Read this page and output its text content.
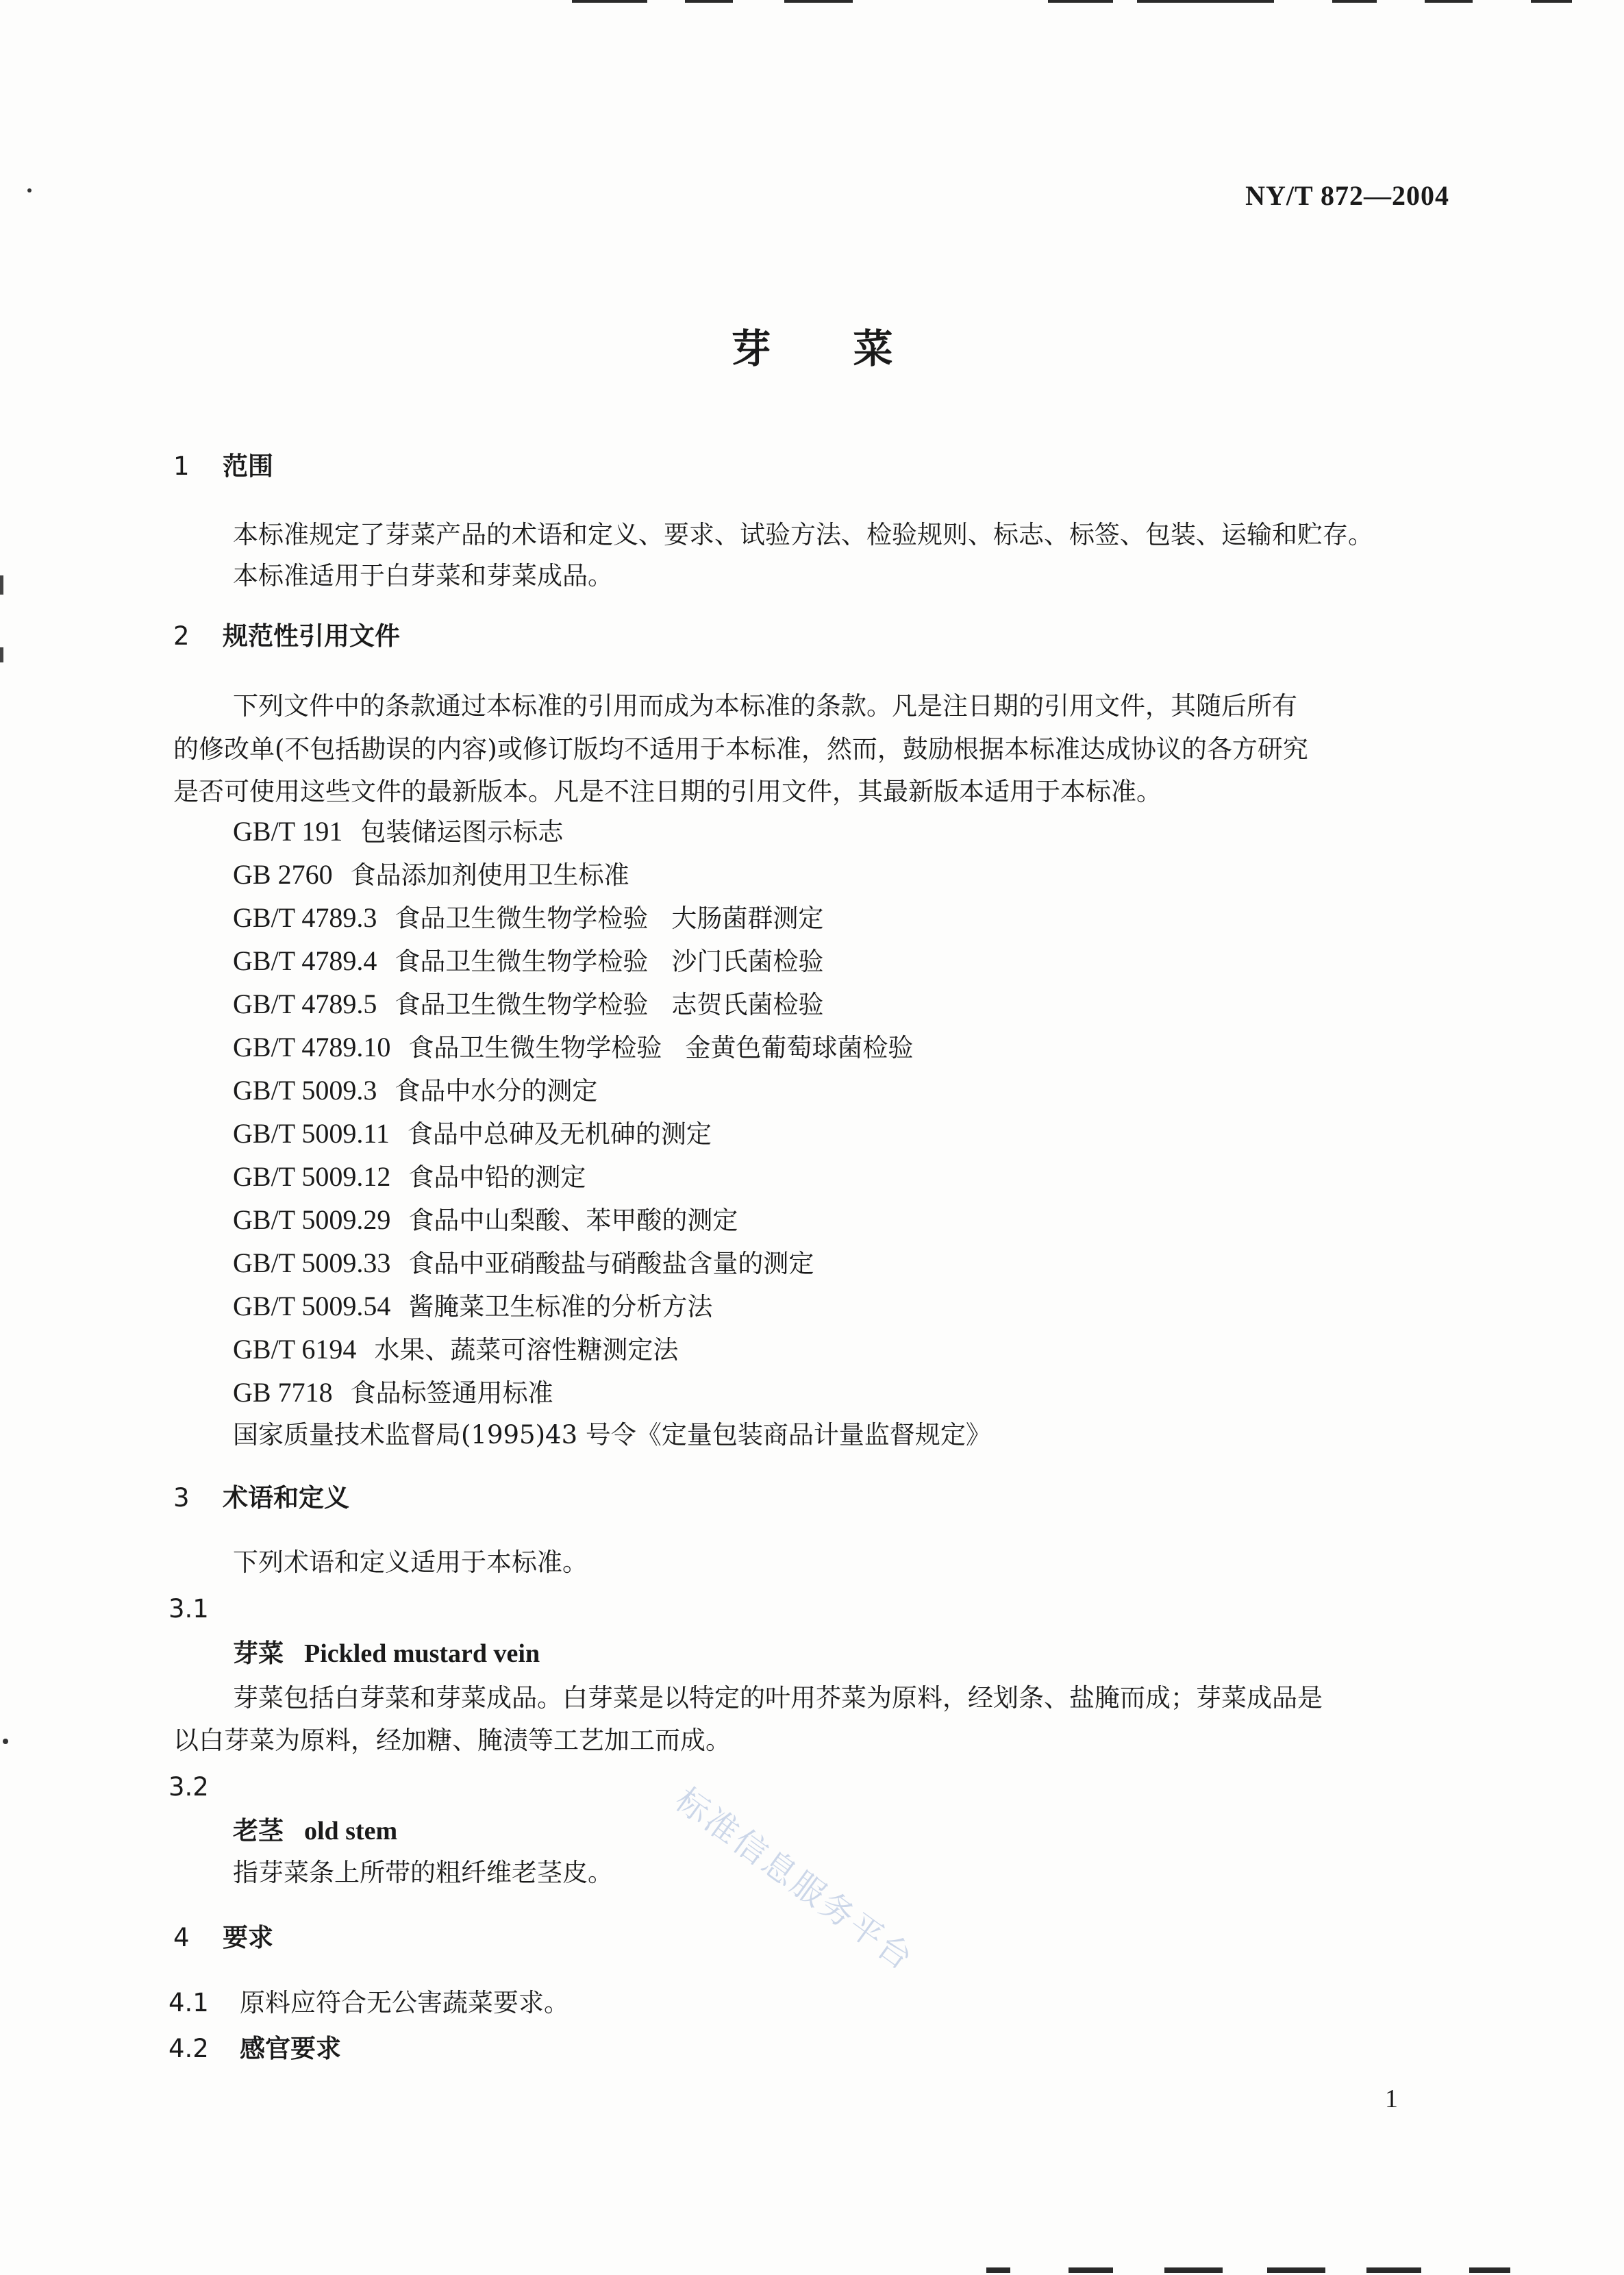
NY/T 872—2004
芽菜
1 范围
本标准规定了芽菜产品的术语和定义、要求、试验方法、检验规则、标志、标签、包装、运输和贮存。
本标准适用于白芽菜和芽菜成品。
2 规范性引用文件
下列文件中的条款通过本标准的引用而成为本标准的条款。凡是注日期的引用文件，其随后所有
的修改单(不包括勘误的内容)或修订版均不适用于本标准，然而，鼓励根据本标准达成协议的各方研究
是否可使用这些文件的最新版本。凡是不注日期的引用文件，其最新版本适用于本标准。
GB/T 191 包装储运图示标志
GB 2760 食品添加剂使用卫生标准
GB/T 4789.3 食品卫生微生物学检验 大肠菌群测定
GB/T 4789.4 食品卫生微生物学检验 沙门氏菌检验
GB/T 4789.5 食品卫生微生物学检验 志贺氏菌检验
GB/T 4789.10 食品卫生微生物学检验 金黄色葡萄球菌检验
GB/T 5009.3 食品中水分的测定
GB/T 5009.11 食品中总砷及无机砷的测定
GB/T 5009.12 食品中铅的测定
GB/T 5009.29 食品中山梨酸、苯甲酸的测定
GB/T 5009.33 食品中亚硝酸盐与硝酸盐含量的测定
GB/T 5009.54 酱腌菜卫生标准的分析方法
GB/T 6194 水果、蔬菜可溶性糖测定法
GB 7718 食品标签通用标准
国家质量技术监督局(1995)43 号令《定量包装商品计量监督规定》
3 术语和定义
下列术语和定义适用于本标准。
3.1
芽菜 Pickled mustard vein
芽菜包括白芽菜和芽菜成品。白芽菜是以特定的叶用芥菜为原料，经划条、盐腌而成；芽菜成品是
以白芽菜为原料，经加糖、腌渍等工艺加工而成。
3.2
老茎 old stem
指芽菜条上所带的粗纤维老茎皮。
4 要求
4.1 原料应符合无公害蔬菜要求。
4.2 感官要求
标准信息服务平台
1
